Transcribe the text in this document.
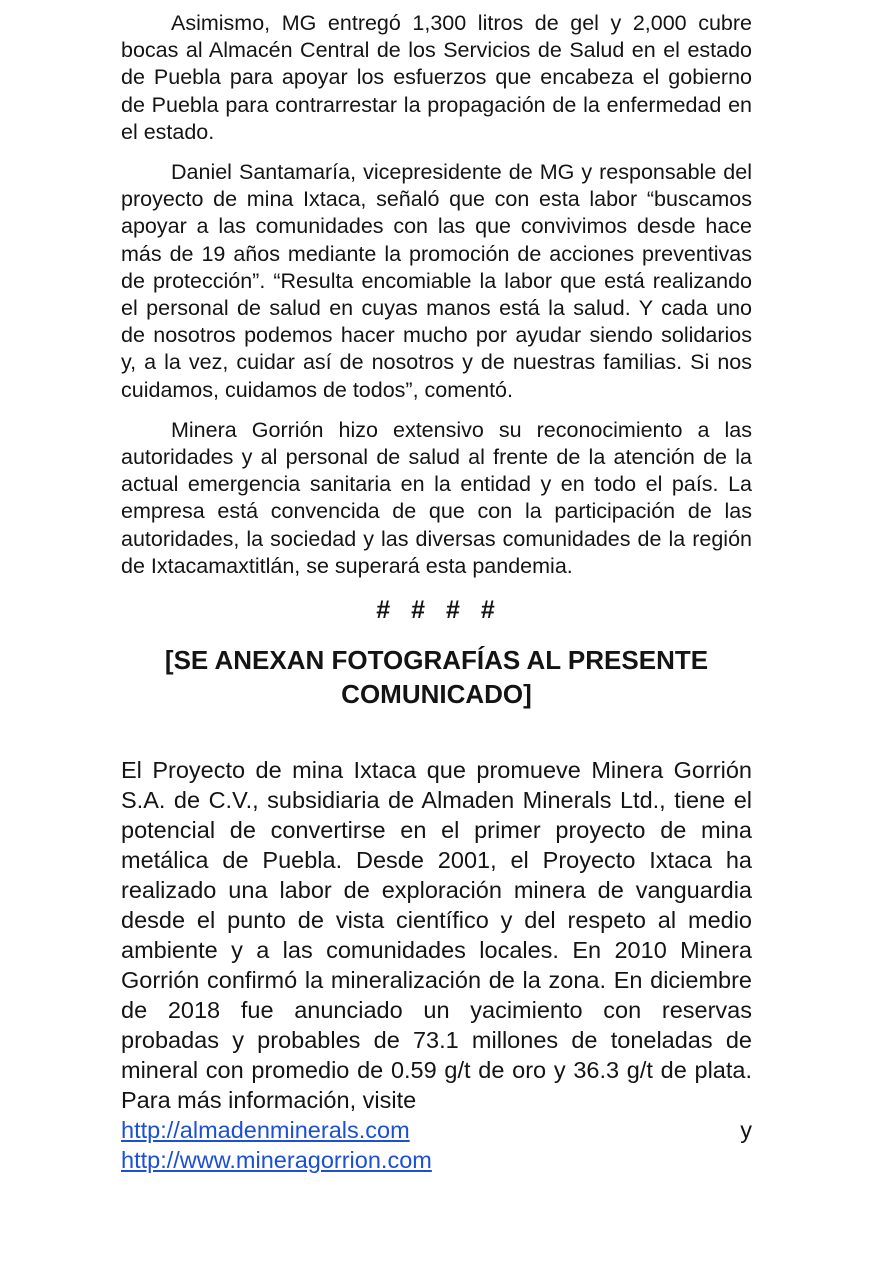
Asimismo, MG entregó 1,300 litros de gel y 2,000 cubre bocas al Almacén Central de los Servicios de Salud en el estado de Puebla para apoyar los esfuerzos que encabeza el gobierno de Puebla para contrarrestar la propagación de la enfermedad en el estado.

Daniel Santamaría, vicepresidente de MG y responsable del proyecto de mina Ixtaca, señaló que con esta labor “buscamos apoyar a las comunidades con las que convivimos desde hace más de 19 años mediante la promoción de acciones preventivas de protección”. “Resulta encomiable la labor que está realizando el personal de salud en cuyas manos está la salud. Y cada uno de nosotros podemos hacer mucho por ayudar siendo solidarios y, a la vez, cuidar así de nosotros y de nuestras familias. Si nos cuidamos, cuidamos de todos”, comentó.

Minera Gorrión hizo extensivo su reconocimiento a las autoridades y al personal de salud al frente de la atención de la actual emergencia sanitaria en la entidad y en todo el país. La empresa está convencida de que con la participación de las autoridades, la sociedad y las diversas comunidades de la región de Ixtacamaxtitlán, se superará esta pandemia.

# # # #
[SE ANEXAN FOTOGRAFÍAS AL PRESENTE COMUNICADO]
El Proyecto de mina Ixtaca que promueve Minera Gorrión S.A. de C.V., subsidiaria de Almaden Minerals Ltd., tiene el potencial de convertirse en el primer proyecto de mina metálica de Puebla. Desde 2001, el Proyecto Ixtaca ha realizado una labor de exploración minera de vanguardia desde el punto de vista científico y del respeto al medio ambiente y a las comunidades locales. En 2010 Minera Gorrión confirmó la mineralización de la zona. En diciembre de 2018 fue anunciado un yacimiento con reservas probadas y probables de 73.1 millones de toneladas de mineral con promedio de 0.59 g/t de oro y 36.3 g/t de plata. Para más información, visite
http://almadenminerals.com	y
http://www.mineragorrion.com
